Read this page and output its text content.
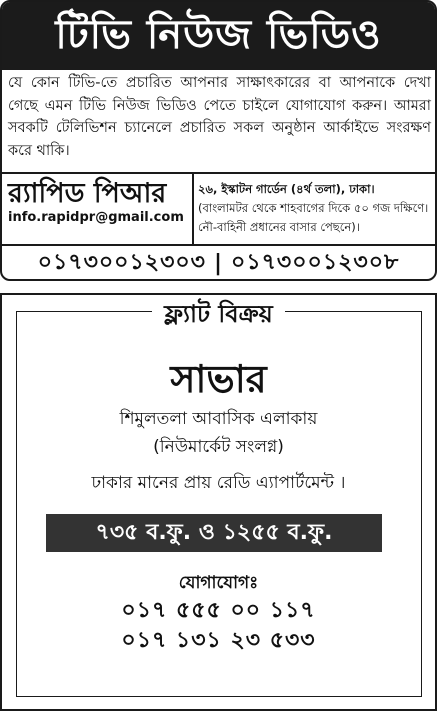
টিভি নিউজ ভিডিও
যে কোন টিভি-তে প্রচারিত আপনার সাক্ষাৎকারের বা আপনাকে দেখা গেছে এমন টিভি নিউজ ভিডিও পেতে চাইলে যোগাযোগ করুন। আমরা সবকটি টেলিভিশন চ্যানেলে প্রচারিত সকল অনুষ্ঠান আর্কাইভে সংরক্ষণ করে থাকি।
র‍্যাপিড পিআর
info.rapidpr@gmail.com
২৬, ইস্কাটন গার্ডেন (৪র্থ তলা), ঢাকা।
(বাংলামটর থেকে শাহবাগের দিকে ৫০ গজ দক্ষিণে। নৌ-বাহিনী প্রধানের বাসার পেছনে)।
০১৭৩০০১২৩০৩ | ০১৭৩০০১২৩০৮
ফ্ল্যাট বিক্রয়
সাভার
শিমুলতলা আবাসিক এলাকায়
(নিউমার্কেট সংলগ্ন)
ঢাকার মানের প্রায় রেডি এ্যাপার্টমেন্ট ।
৭৩৫ ব.ফু. ও ১২৫৫ ব.ফু.
যোগাযোগঃ
০১৭ ৫৫৫ ০০ ১১৭
০১৭ ১৩১ ২৩ ৫৩৩
